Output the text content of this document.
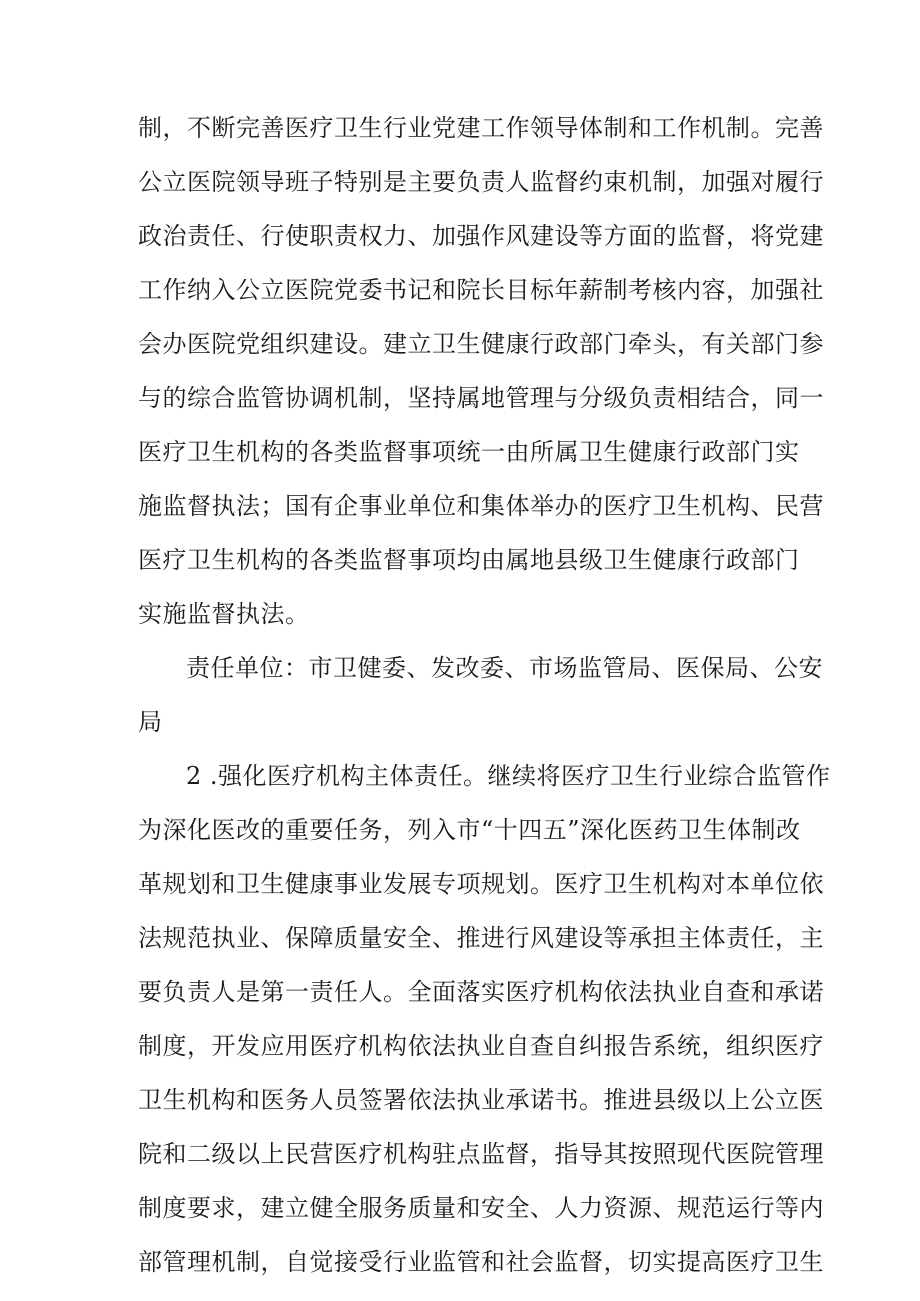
制，不断完善医疗卫生行业党建工作领导体制和工作机制。完善
公立医院领导班子特别是主要负责人监督约束机制，加强对履行
政治责任、行使职责权力、加强作风建设等方面的监督，将党建
工作纳入公立医院党委书记和院长目标年薪制考核内容，加强社
会办医院党组织建设。建立卫生健康行政部门牵头，有关部门参
与的综合监管协调机制，坚持属地管理与分级负责相结合，同一
医疗卫生机构的各类监督事项统一由所属卫生健康行政部门实
施监督执法；国有企事业单位和集体举办的医疗卫生机构、民营
医疗卫生机构的各类监督事项均由属地县级卫生健康行政部门
实施监督执法。
责任单位：市卫健委、发改委、市场监管局、医保局、公安
局
2 .强化医疗机构主体责任。继续将医疗卫生行业综合监管作
为深化医改的重要任务，列入市“十四五”深化医药卫生体制改
革规划和卫生健康事业发展专项规划。医疗卫生机构对本单位依
法规范执业、保障质量安全、推进行风建设等承担主体责任，主
要负责人是第一责任人。全面落实医疗机构依法执业自查和承诺
制度，开发应用医疗机构依法执业自查自纠报告系统，组织医疗
卫生机构和医务人员签署依法执业承诺书。推进县级以上公立医
院和二级以上民营医疗机构驻点监督，指导其按照现代医院管理
制度要求，建立健全服务质量和安全、人力资源、规范运行等内
部管理机制，自觉接受行业监管和社会监督，切实提高医疗卫生
